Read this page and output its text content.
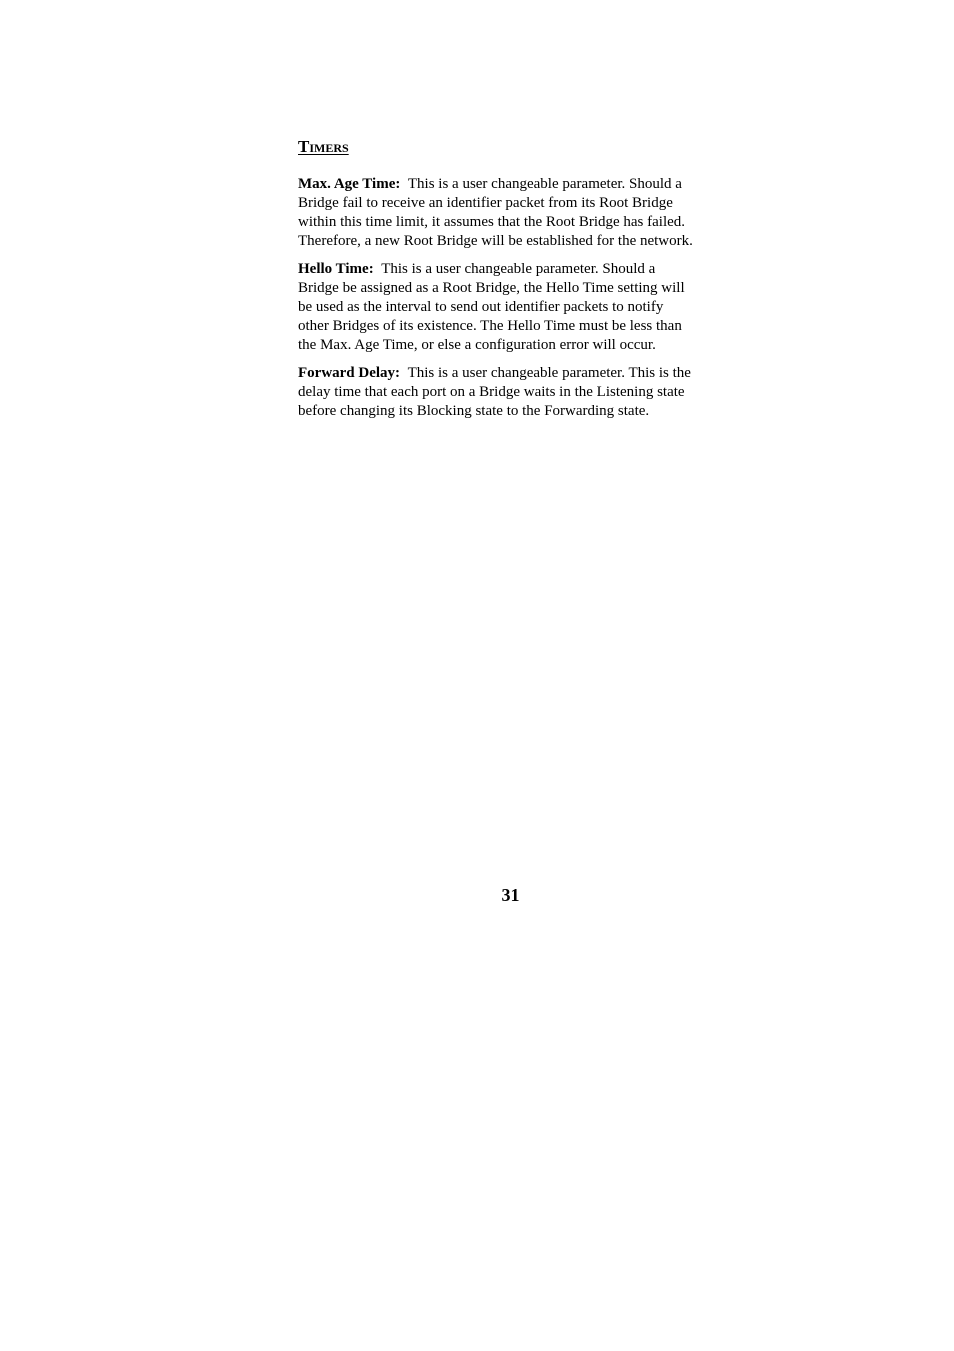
Timers
Max. Age Time: This is a user changeable parameter. Should a
Bridge fail to receive an identifier packet from its Root Bridge
within this time limit, it assumes that the Root Bridge has failed.
Therefore, a new Root Bridge will be established for the network.
Hello Time: This is a user changeable parameter. Should a
Bridge be assigned as a Root Bridge, the Hello Time setting will
be used as the interval to send out identifier packets to notify
other Bridges of its existence. The Hello Time must be less than
the Max. Age Time, or else a configuration error will occur.
Forward Delay: This is a user changeable parameter. This is the
delay time that each port on a Bridge waits in the Listening state
before changing its Blocking state to the Forwarding state.
31
